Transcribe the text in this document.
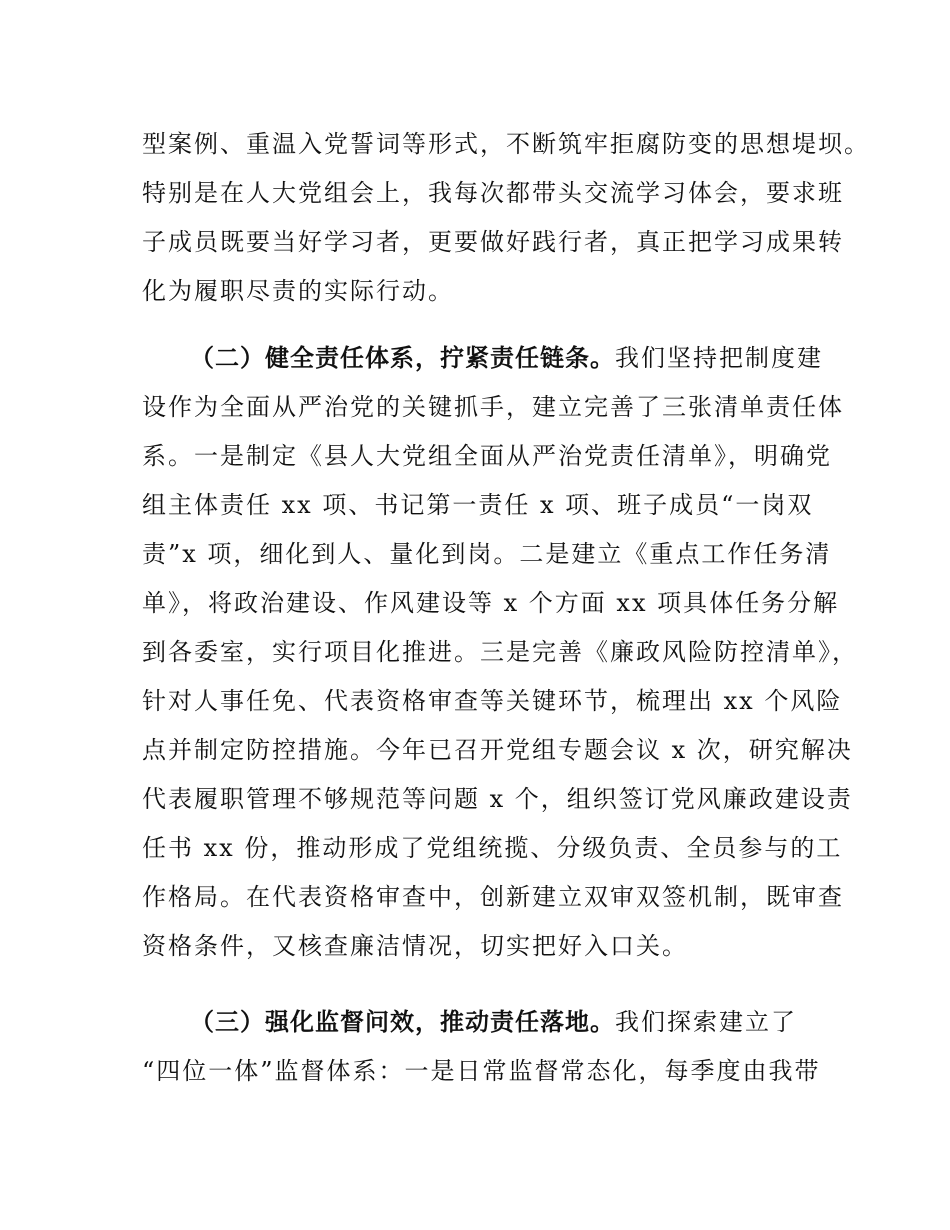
型案例、重温入党誓词等形式，不断筑牢拒腐防变的思想堤坝。
特别是在人大党组会上，我每次都带头交流学习体会，要求班
子成员既要当好学习者，更要做好践行者，真正把学习成果转
化为履职尽责的实际行动。
（二）健全责任体系，拧紧责任链条。我们坚持把制度建
设作为全面从严治党的关键抓手，建立完善了三张清单责任体
系。一是制定《县人大党组全面从严治党责任清单》，明确党
组主体责任 xx 项、书记第一责任 x 项、班子成员“一岗双
责”x 项，细化到人、量化到岗。二是建立《重点工作任务清
单》，将政治建设、作风建设等 x 个方面 xx 项具体任务分解
到各委室，实行项目化推进。三是完善《廉政风险防控清单》，
针对人事任免、代表资格审查等关键环节，梳理出 xx 个风险
点并制定防控措施。今年已召开党组专题会议 x 次，研究解决
代表履职管理不够规范等问题 x 个，组织签订党风廉政建设责
任书 xx 份，推动形成了党组统揽、分级负责、全员参与的工
作格局。在代表资格审查中，创新建立双审双签机制，既审查
资格条件，又核查廉洁情况，切实把好入口关。
（三）强化监督问效，推动责任落地。我们探索建立了
“四位一体”监督体系：一是日常监督常态化，每季度由我带
